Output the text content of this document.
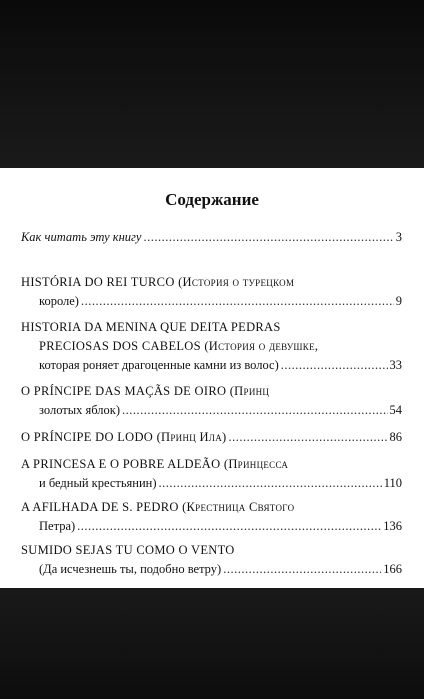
Содержание
Как читать эту книгу .....	3
HISTÓRIA DO REI TURCO (История о турецком
короле) .....	9
HISTORIA DA MENINA QUE DEITA PEDRAS
PRECIOSAS DOS CABELOS (История о девушке,
которая роняет драгоценные камни из волос) .....	33
O PRÍNCIPE DAS MAÇÃS DE OIRO (Принц
золотых яблок) .....	54
O PRÍNCIPE DO LODO (Принц Ила) .....	86
A PRINCESA E O POBRE ALDEÃO (Принцесса
и бедный крестьянин) .....	110
A AFILHADA DE S. PEDRO (Крестница Святого
Петра) .....	136
SUMIDO SEJAS TU COMO O VENTO
(Да исчезнешь ты, подобно ветру) .....	166
